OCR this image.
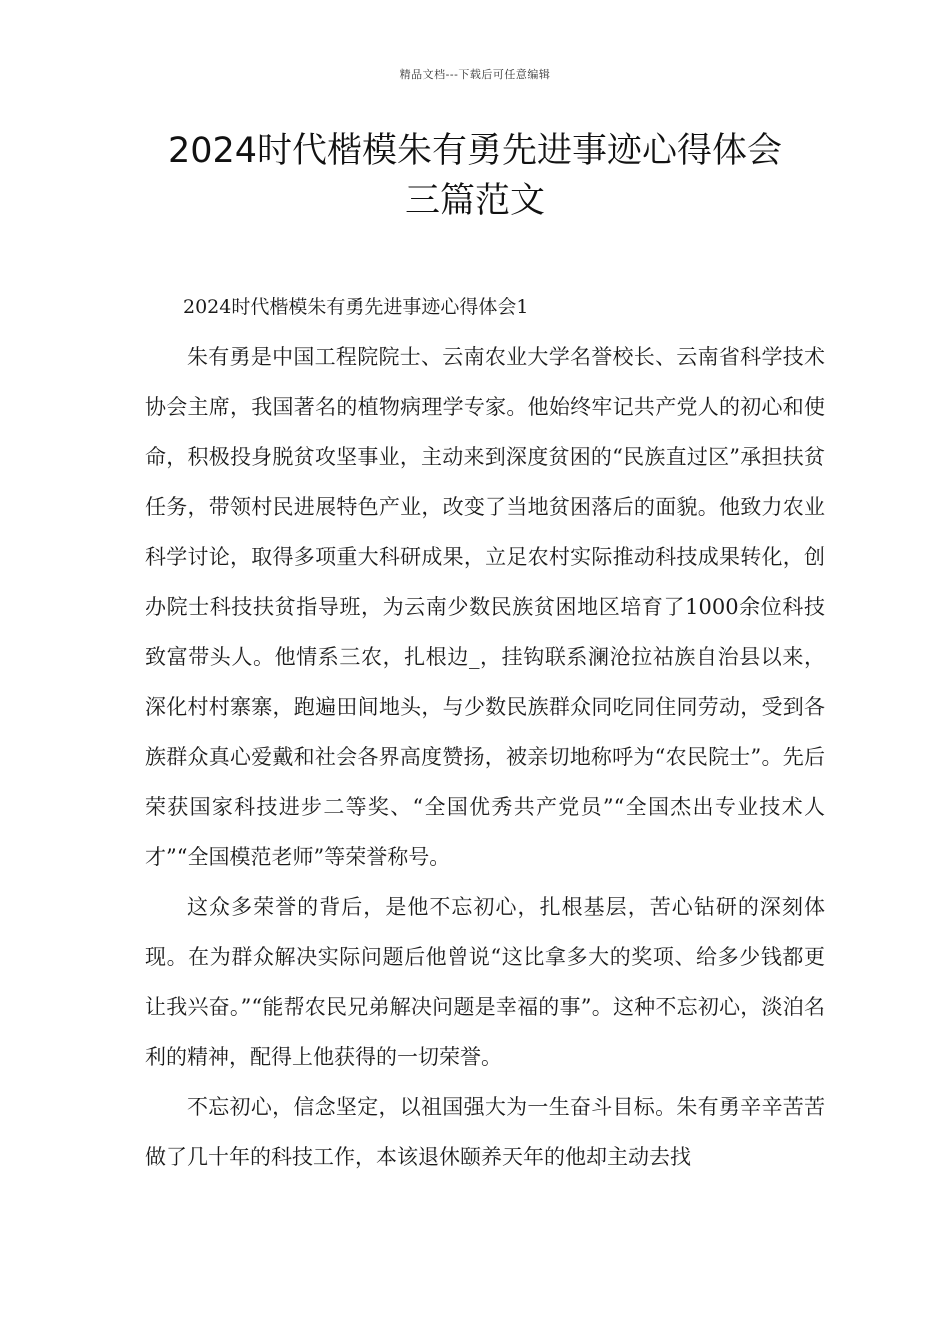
精品文档---下载后可任意编辑
2024时代楷模朱有勇先进事迹心得体会
三篇范文
2024时代楷模朱有勇先进事迹心得体会1

朱有勇是中国工程院院士、云南农业大学名誉校长、云南省科学技术协会主席，我国著名的植物病理学专家。他始终牢记共产党人的初心和使命，积极投身脱贫攻坚事业，主动来到深度贫困的“民族直过区”承担扶贫任务，带领村民进展特色产业，改变了当地贫困落后的面貌。他致力农业科学讨论，取得多项重大科研成果，立足农村实际推动科技成果转化，创办院士科技扶贫指导班，为云南少数民族贫困地区培育了1000余位科技致富带头人。他情系三农，扎根边_，挂钩联系澜沧拉祜族自治县以来，深化村村寨寨，跑遍田间地头，与少数民族群众同吃同住同劳动，受到各族群众真心爱戴和社会各界高度赞扬，被亲切地称呼为“农民院士”。先后荣获国家科技进步二等奖、“全国优秀共产党员”“全国杰出专业技术人才”“全国模范老师”等荣誉称号。

这众多荣誉的背后，是他不忘初心，扎根基层，苦心钻研的深刻体现。在为群众解决实际问题后他曾说“这比拿多大的奖项、给多少钱都更让我兴奋。”“能帮农民兄弟解决问题是幸福的事”。这种不忘初心，淡泊名利的精神，配得上他获得的一切荣誉。

不忘初心，信念坚定，以祖国强大为一生奋斗目标。朱有勇辛辛苦苦做了几十年的科技工作，本该退休颐养天年的他却主动去找
